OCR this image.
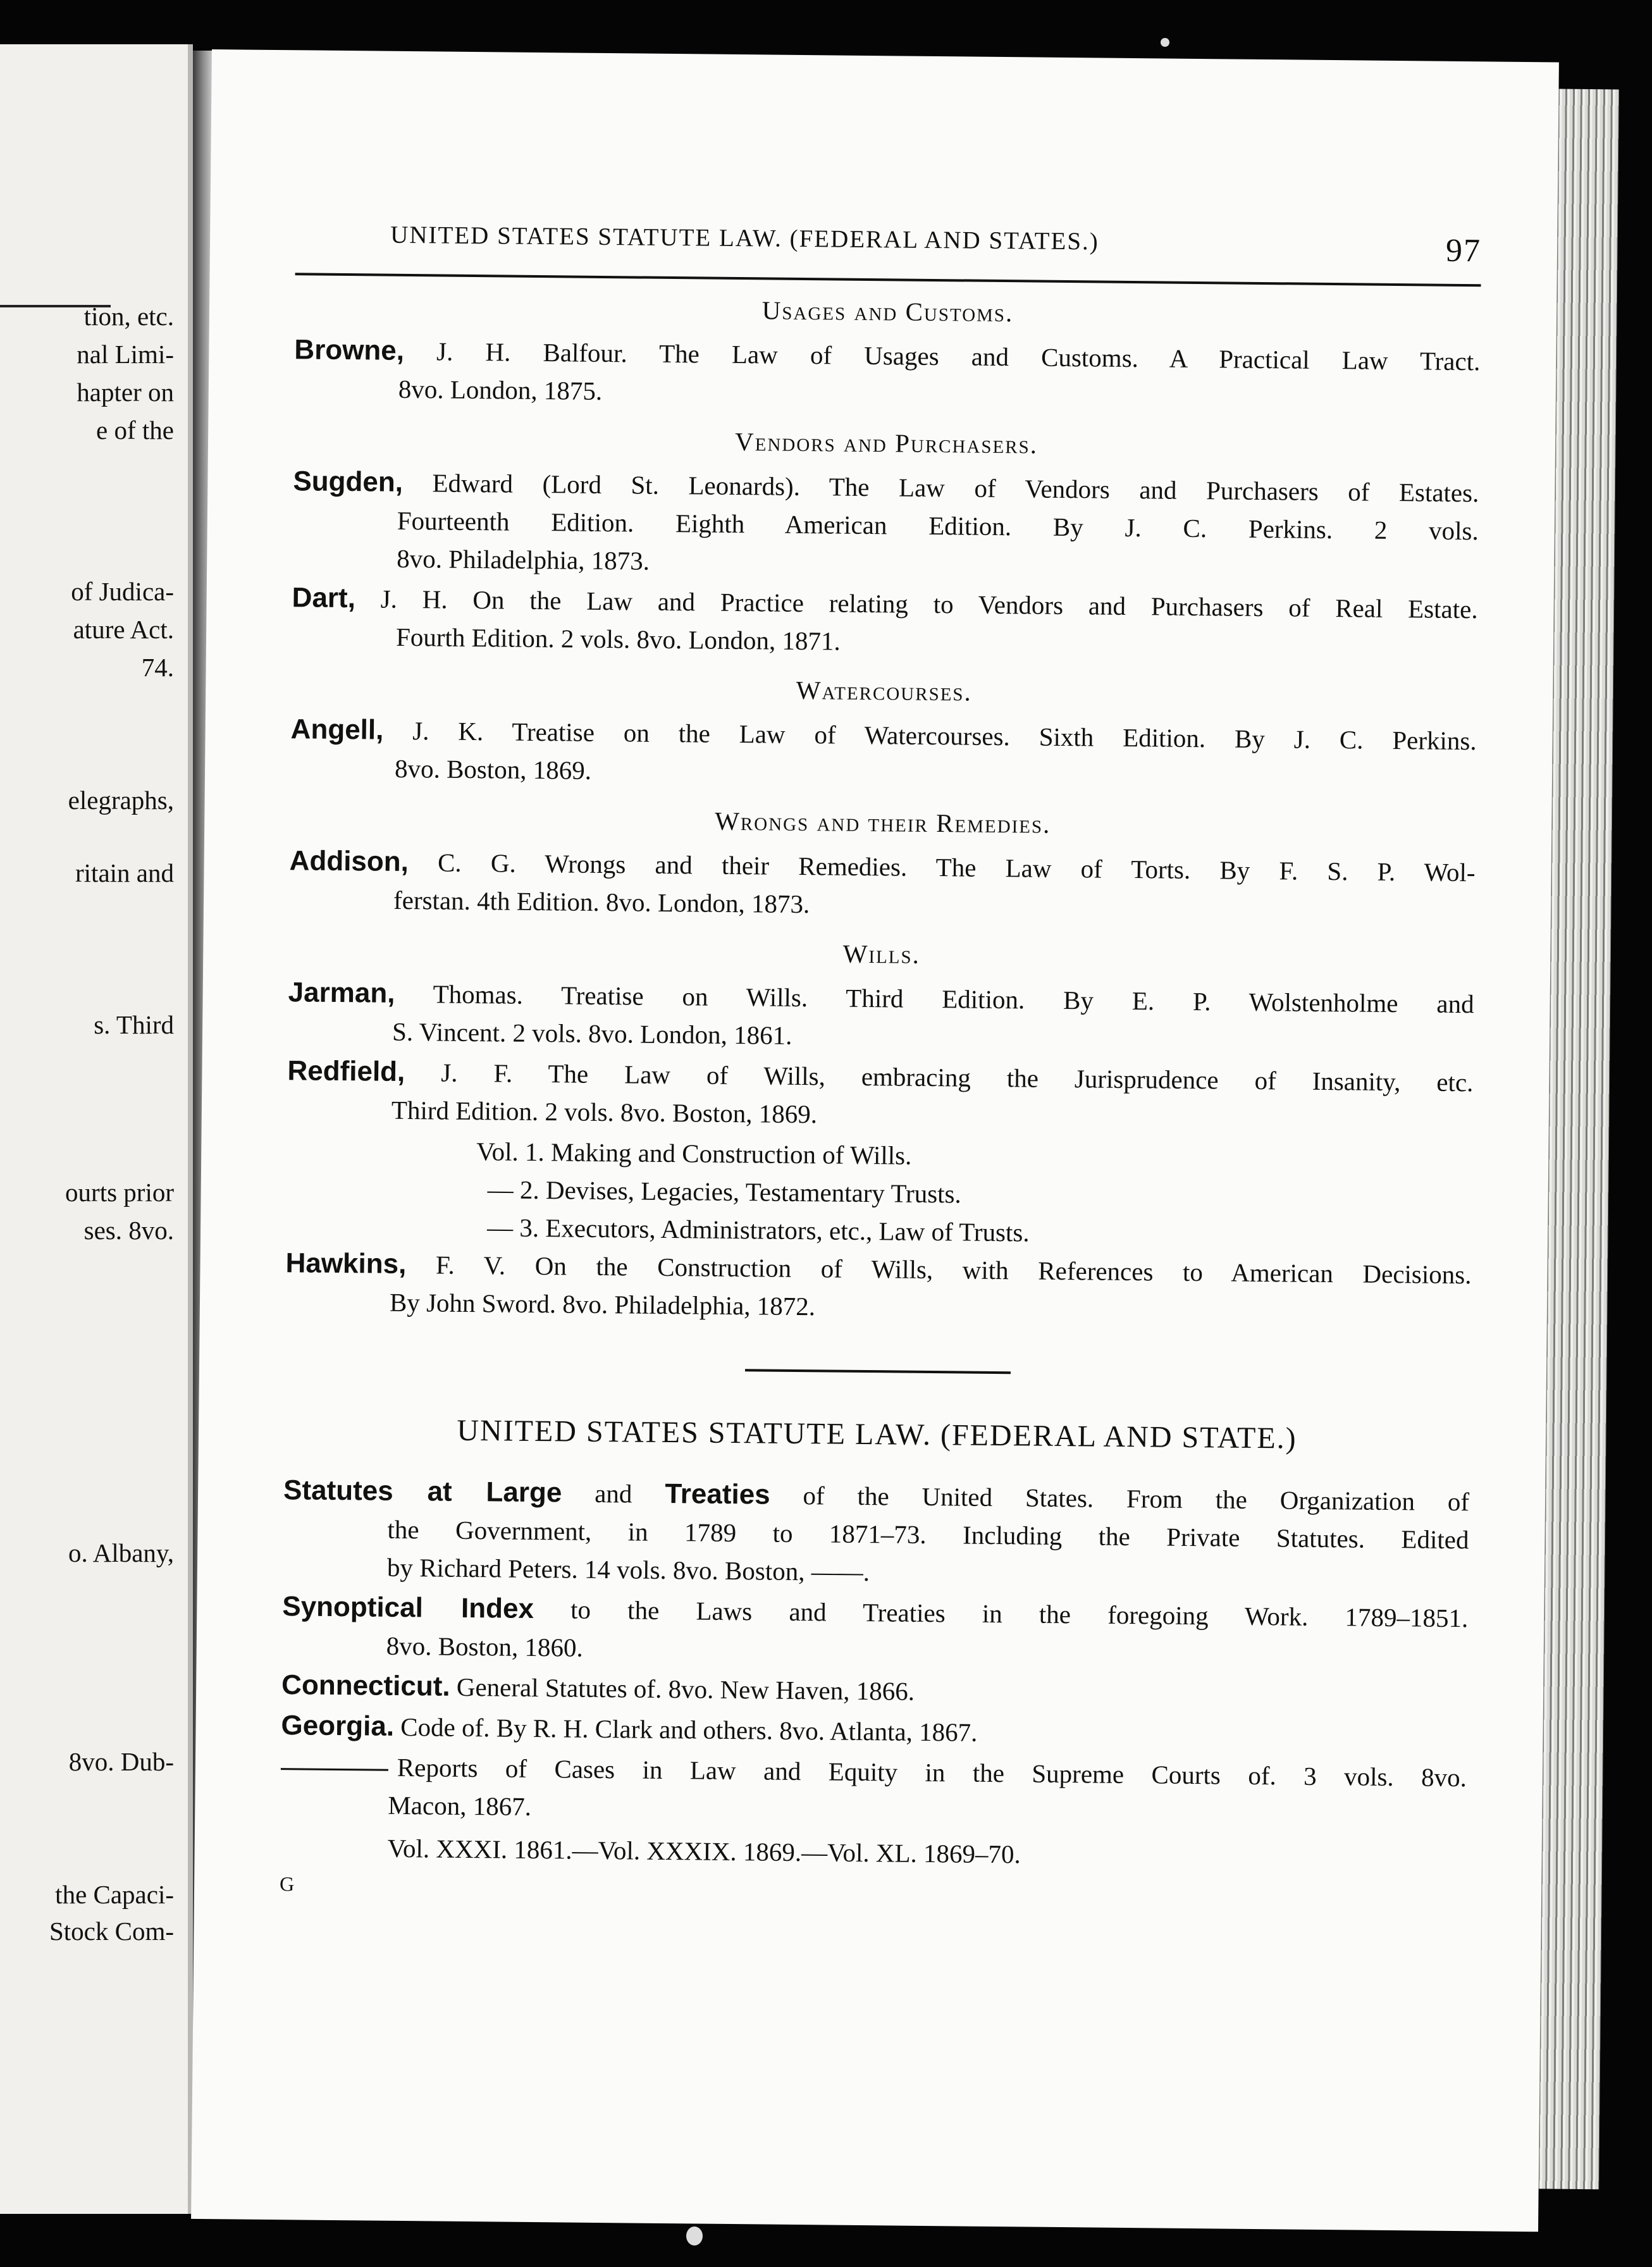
tion, etc.
nal Limi-
hapter on
e of the
of Judica-
ature Act.
74.
elegraphs,
ritain and
s. Third
ourts prior
ses. 8vo.
o. Albany,
8vo. Dub-
the Capaci-
Stock Com-
UNITED STATES STATUTE LAW. (FEDERAL AND STATES.)	97
Usages and Customs.
Browne, J. H. Balfour. The Law of Usages and Customs. A Practical Law Tract.
8vo. London, 1875.
Vendors and Purchasers.
Sugden, Edward (Lord St. Leonards). The Law of Vendors and Purchasers of Estates.
Fourteenth Edition. Eighth American Edition. By J. C. Perkins. 2 vols.
8vo. Philadelphia, 1873.
Dart, J. H. On the Law and Practice relating to Vendors and Purchasers of Real Estate.
Fourth Edition. 2 vols. 8vo. London, 1871.
Watercourses.
Angell, J. K. Treatise on the Law of Watercourses. Sixth Edition. By J. C. Perkins.
8vo. Boston, 1869.
Wrongs and their Remedies.
Addison, C. G. Wrongs and their Remedies. The Law of Torts. By F. S. P. Wol-
ferstan. 4th Edition. 8vo. London, 1873.
Wills.
Jarman, Thomas. Treatise on Wills. Third Edition. By E. P. Wolstenholme and
S. Vincent. 2 vols. 8vo. London, 1861.
Redfield, J. F. The Law of Wills, embracing the Jurisprudence of Insanity, etc.
Third Edition. 2 vols. 8vo. Boston, 1869.
Vol. 1. Making and Construction of Wills.
— 2. Devises, Legacies, Testamentary Trusts.
— 3. Executors, Administrators, etc., Law of Trusts.
Hawkins, F. V. On the Construction of Wills, with References to American Decisions.
By John Sword. 8vo. Philadelphia, 1872.
UNITED STATES STATUTE LAW. (FEDERAL AND STATE.)
Statutes at Large and Treaties of the United States. From the Organization of
the Government, in 1789 to 1871–73. Including the Private Statutes. Edited
by Richard Peters. 14 vols. 8vo. Boston, ——.
Synoptical Index to the Laws and Treaties in the foregoing Work. 1789–1851.
8vo. Boston, 1860.
Connecticut. General Statutes of. 8vo. New Haven, 1866.
Georgia. Code of. By R. H. Clark and others. 8vo. Atlanta, 1867.
Reports of Cases in Law and Equity in the Supreme Courts of. 3 vols. 8vo.
Macon, 1867.
Vol. XXXI. 1861.—Vol. XXXIX. 1869.—Vol. XL. 1869–70.
G
